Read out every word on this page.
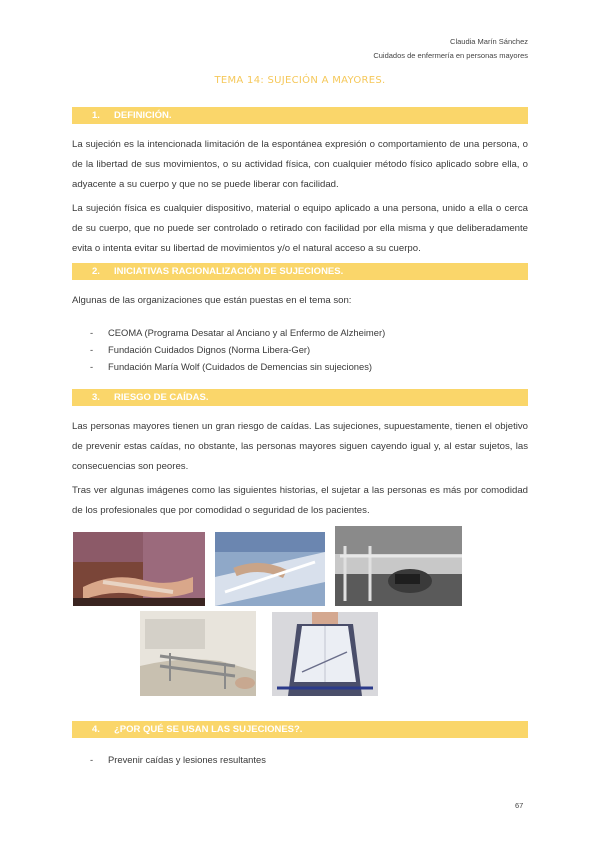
Claudia Marín Sánchez
Cuidados de enfermería en personas mayores
TEMA 14: SUJECIÓN A MAYORES.
1. DEFINICIÓN.

La sujeción es la intencionada limitación de la espontánea expresión o comportamiento de una persona, o de la libertad de sus movimientos, o su actividad física, con cualquier método físico aplicado sobre ella, o adyacente a su cuerpo y que no se puede liberar con facilidad.

La sujeción física es cualquier dispositivo, material o equipo aplicado a una persona, unido a ella o cerca de su cuerpo, que no puede ser controlado o retirado con facilidad por ella misma y que deliberadamente evita o intenta evitar su libertad de movimientos y/o el natural acceso a su cuerpo.

2. INICIATIVAS RACIONALIZACIÓN DE SUJECIONES.

Algunas de las organizaciones que están puestas en el tema son:

- CEOMA (Programa Desatar al Anciano y al Enfermo de Alzheimer)
- Fundación Cuidados Dignos (Norma Libera-Ger)
- Fundación María Wolf (Cuidados de Demencias sin sujeciones)
3. RIESGO DE CAÍDAS.

Las personas mayores tienen un gran riesgo de caídas. Las sujeciones, supuestamente, tienen el objetivo de prevenir estas caídas, no obstante, las personas mayores siguen cayendo igual y, al estar sujetos, las consecuencias son peores.

Tras ver algunas imágenes como las siguientes historias, el sujetar a las personas es más por comodidad de los profesionales que por comodidad o seguridad de los pacientes.

4. ¿POR QUÉ SE USAN LAS SUJECIONES?.
- Prevenir caídas y lesiones resultantes
67
